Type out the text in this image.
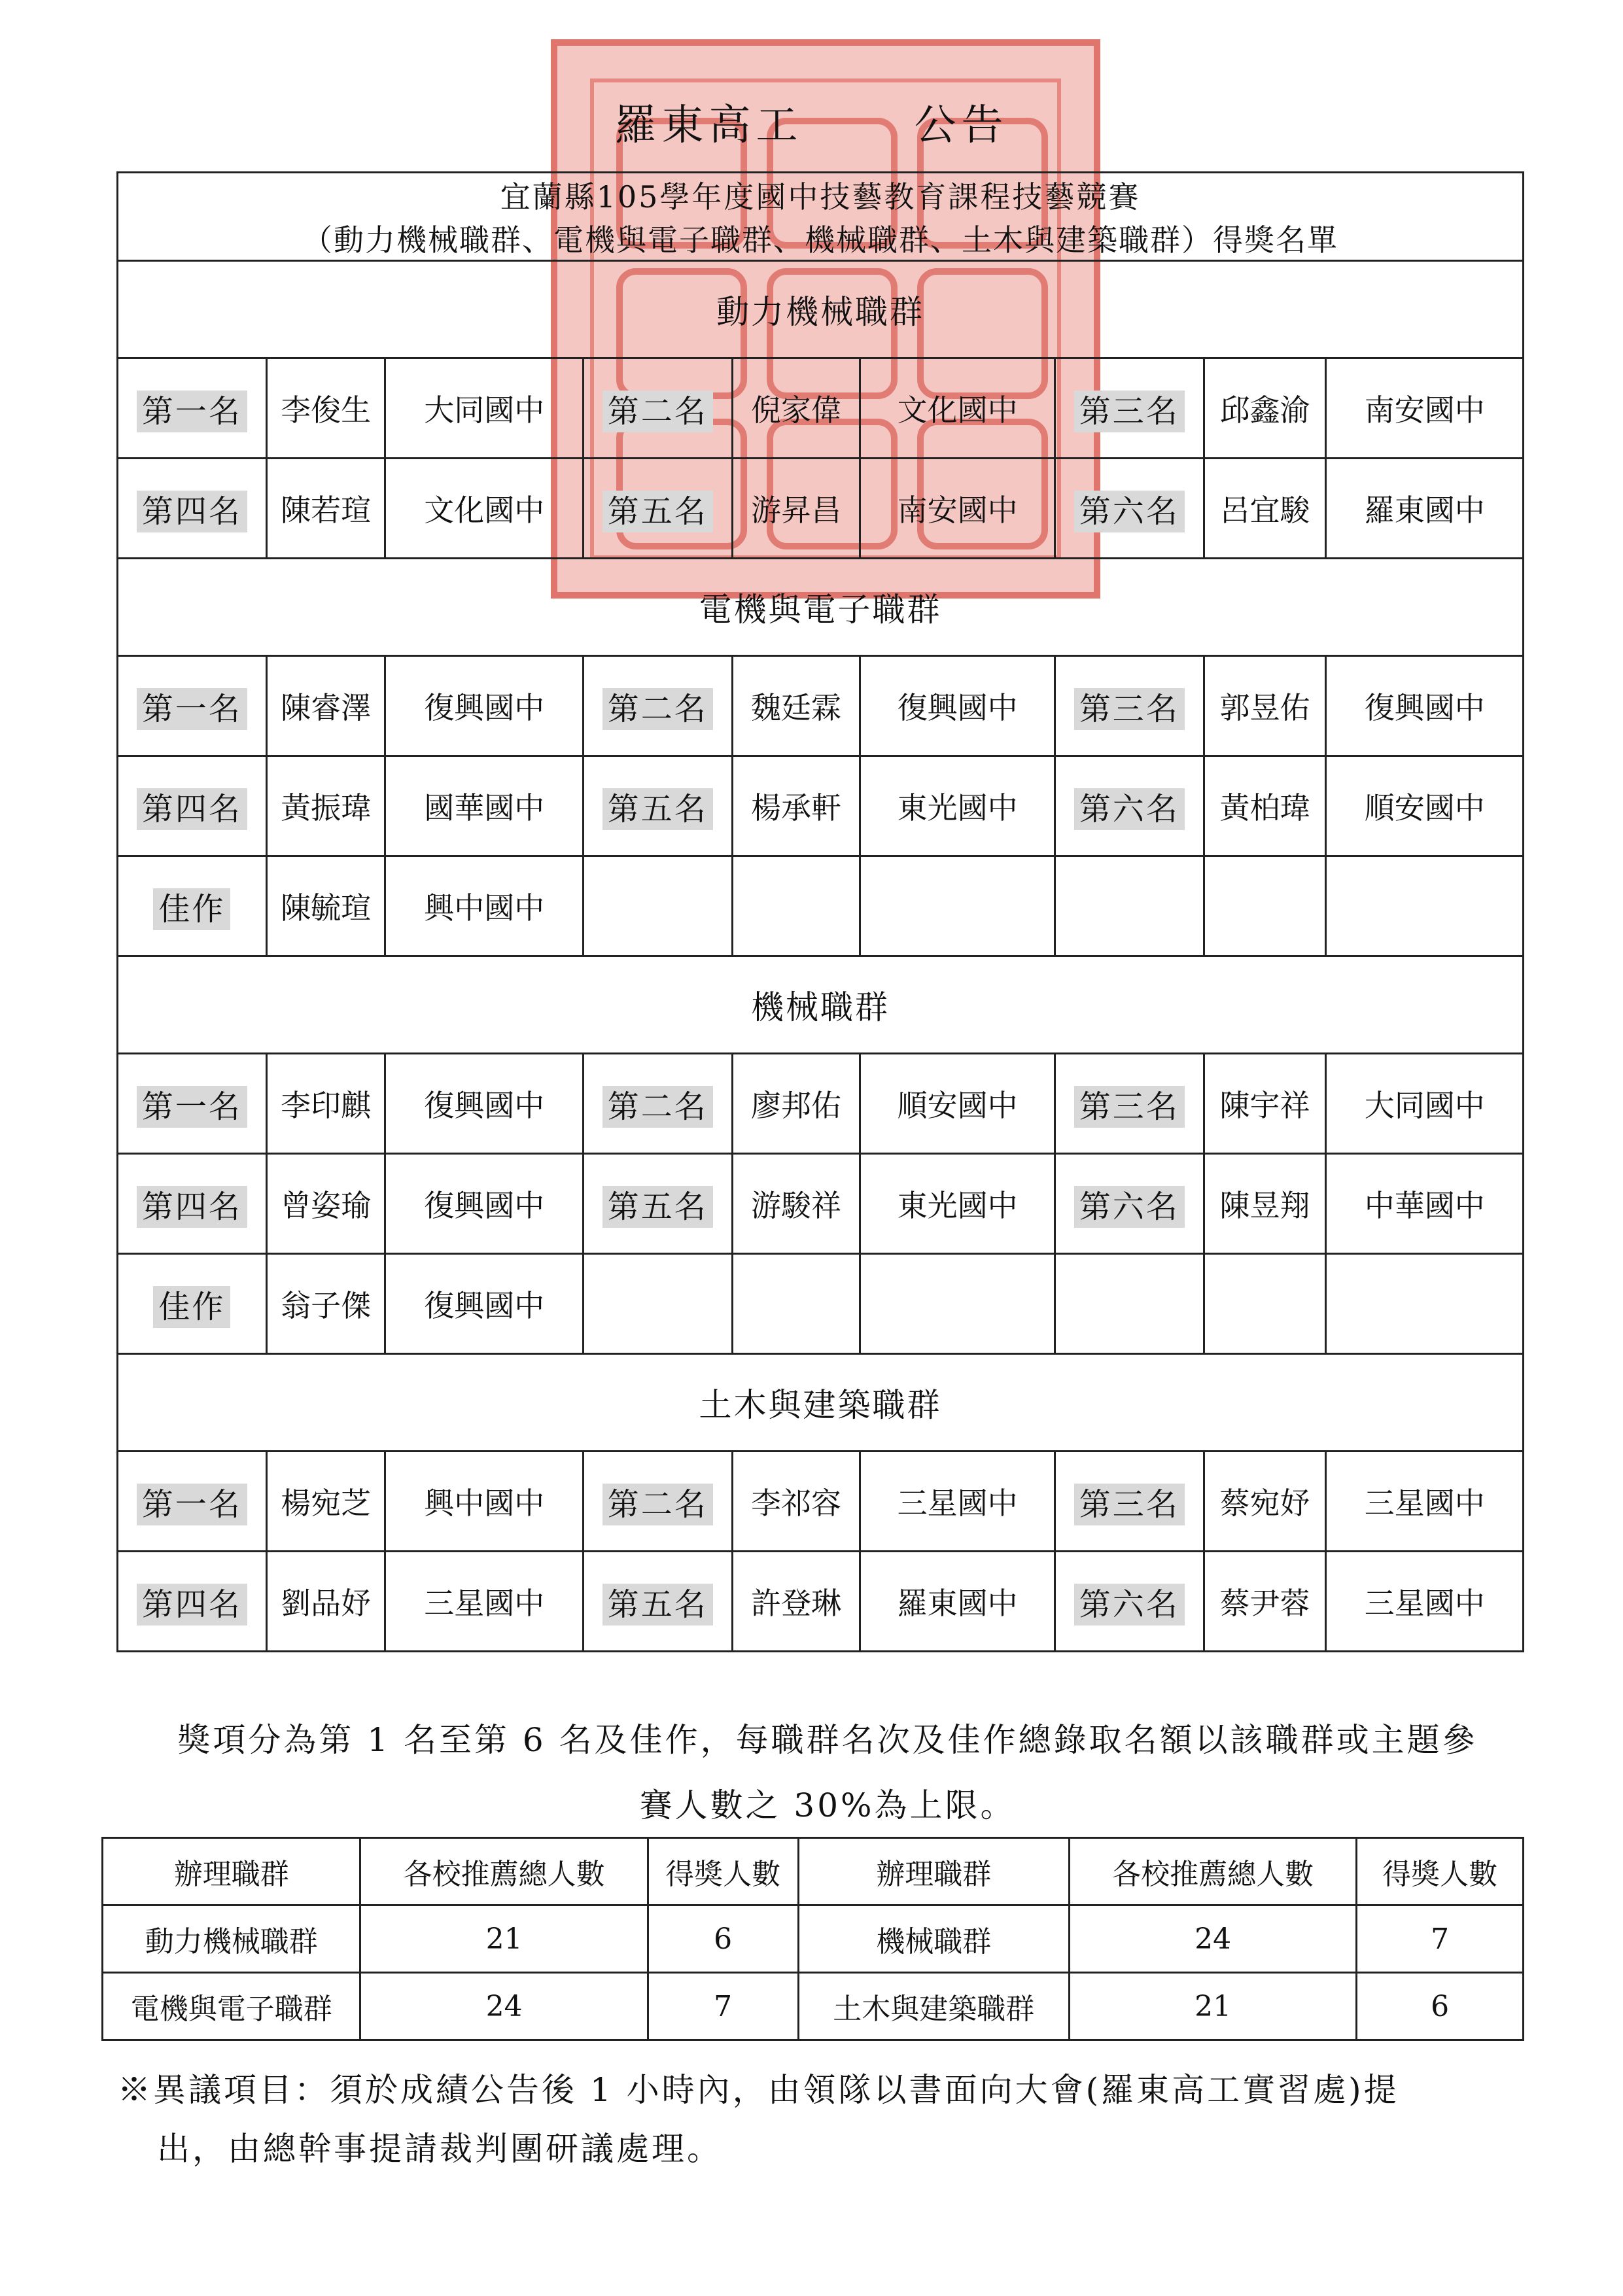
羅東高工	公告
宜蘭縣105學年度國中技藝教育課程技藝競賽								
（動力機械職群、電機與電子職群、機械職群、土木與建築職群）得獎名單								
動力機械職群								
第一名	李俊生	大同國中	第二名	倪家偉	文化國中	第三名	邱鑫渝	南安國中
第四名	陳若瑄	文化國中	第五名	游昇昌	南安國中	第六名	呂宜駿	羅東國中
電機與電子職群								
第一名	陳睿澤	復興國中	第二名	魏廷霖	復興國中	第三名	郭昱佑	復興國中
第四名	黃振瑋	國華國中	第五名	楊承軒	東光國中	第六名	黃柏瑋	順安國中
佳作	陳毓瑄	興中國中						
機械職群								
第一名	李印麒	復興國中	第二名	廖邦佑	順安國中	第三名	陳宇祥	大同國中
第四名	曾姿瑜	復興國中	第五名	游駿祥	東光國中	第六名	陳昱翔	中華國中
佳作	翁子傑	復興國中						
土木與建築職群								
第一名	楊宛芝	興中國中	第二名	李祁容	三星國中	第三名	蔡宛妤	三星國中
第四名	劉品妤	三星國中	第五名	許登琳	羅東國中	第六名	蔡尹蓉	三星國中
獎項分為第 1 名至第 6 名及佳作，每職群名次及佳作總錄取名額以該職群或主題參
賽人數之 30%為上限。
辦理職群	各校推薦總人數	得獎人數	辦理職群	各校推薦總人數	得獎人數
動力機械職群	21	6	機械職群	24	7
電機與電子職群	24	7	土木與建築職群	21	6
※異議項目：須於成績公告後 1 小時內，由領隊以書面向大會(羅東高工實習處)提
出，由總幹事提請裁判團研議處理。
